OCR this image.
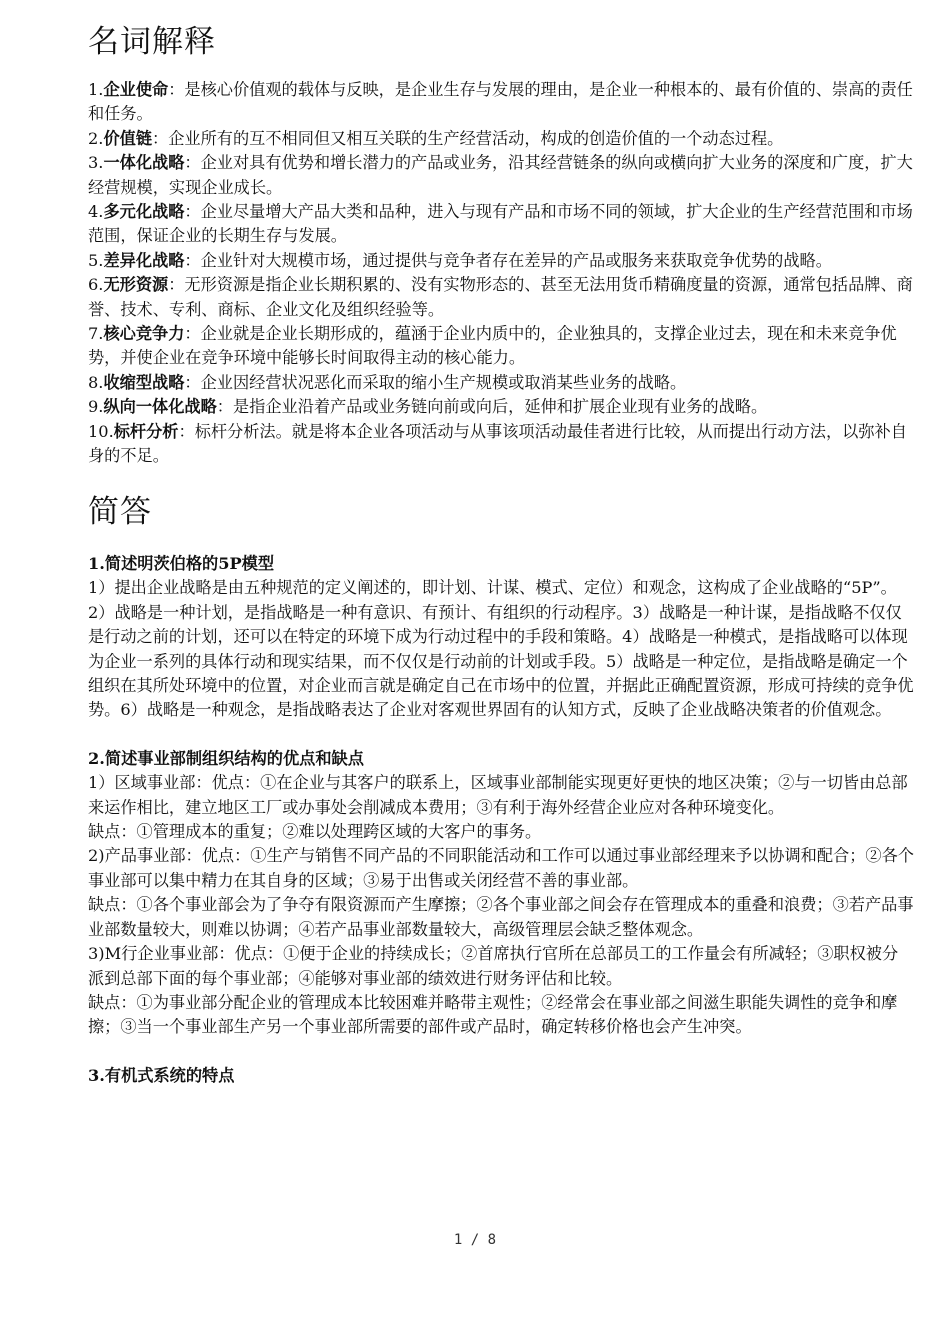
名词解释

1.企业使命：是核心价值观的载体与反映，是企业生存与发展的理由，是企业一种根本的、最有价值的、崇高的责任和任务。

2.价值链：企业所有的互不相同但又相互关联的生产经营活动，构成的创造价值的一个动态过程。

3.一体化战略：企业对具有优势和增长潜力的产品或业务，沿其经营链条的纵向或横向扩大业务的深度和广度，扩大经营规模，实现企业成长。

4.多元化战略：企业尽量增大产品大类和品种，进入与现有产品和市场不同的领域，扩大企业的生产经营范围和市场范围，保证企业的长期生存与发展。

5.差异化战略：企业针对大规模市场，通过提供与竞争者存在差异的产品或服务来获取竞争优势的战略。

6.无形资源：无形资源是指企业长期积累的、没有实物形态的、甚至无法用货币精确度量的资源，通常包括品牌、商誉、技术、专利、商标、企业文化及组织经验等。

7.核心竞争力：企业就是企业长期形成的，蕴涵于企业内质中的，企业独具的，支撑企业过去，现在和未来竞争优势，并使企业在竞争环境中能够长时间取得主动的核心能力。

8.收缩型战略：企业因经营状况恶化而采取的缩小生产规模或取消某些业务的战略。

9.纵向一体化战略：是指企业沿着产品或业务链向前或向后，延伸和扩展企业现有业务的战略。

10.标杆分析：标杆分析法。就是将本企业各项活动与从事该项活动最佳者进行比较，从而提出行动方法，以弥补自身的不足。

简答

1.简述明茨伯格的5P模型

1）提出企业战略是由五种规范的定义阐述的，即计划、计谋、模式、定位）和观念，这构成了企业战略的“5P”。2）战略是一种计划，是指战略是一种有意识、有预计、有组织的行动程序。3）战略是一种计谋，是指战略不仅仅是行动之前的计划，还可以在特定的环境下成为行动过程中的手段和策略。4）战略是一种模式，是指战略可以体现为企业一系列的具体行动和现实结果，而不仅仅是行动前的计划或手段。5）战略是一种定位，是指战略是确定一个组织在其所处环境中的位置，对企业而言就是确定自己在市场中的位置，并据此正确配置资源，形成可持续的竞争优势。6）战略是一种观念，是指战略表达了企业对客观世界固有的认知方式，反映了企业战略决策者的价值观念。

2.简述事业部制组织结构的优点和缺点

1）区域事业部：优点：①在企业与其客户的联系上，区域事业部制能实现更好更快的地区决策；②与一切皆由总部来运作相比，建立地区工厂或办事处会削减成本费用；③有利于海外经营企业应对各种环境变化。

缺点：①管理成本的重复；②难以处理跨区域的大客户的事务。

2)产品事业部：优点：①生产与销售不同产品的不同职能活动和工作可以通过事业部经理来予以协调和配合；②各个事业部可以集中精力在其自身的区域；③易于出售或关闭经营不善的事业部。

缺点：①各个事业部会为了争夺有限资源而产生摩擦；②各个事业部之间会存在管理成本的重叠和浪费；③若产品事业部数量较大，则难以协调；④若产品事业部数量较大，高级管理层会缺乏整体观念。

3)M行企业事业部：优点：①便于企业的持续成长；②首席执行官所在总部员工的工作量会有所减轻；③职权被分派到总部下面的每个事业部；④能够对事业部的绩效进行财务评估和比较。

缺点：①为事业部分配企业的管理成本比较困难并略带主观性；②经常会在事业部之间滋生职能失调性的竞争和摩擦；③当一个事业部生产另一个事业部所需要的部件或产品时，确定转移价格也会产生冲突。

3.有机式系统的特点

1 / 8
